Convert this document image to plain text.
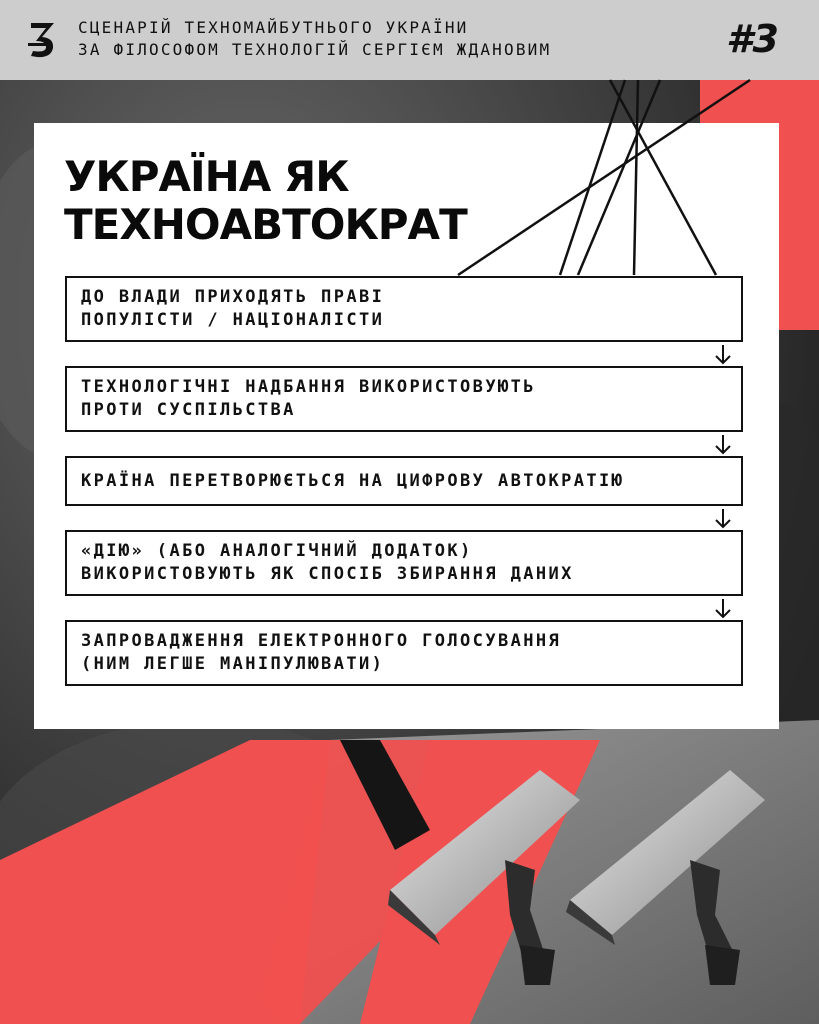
СЦЕНАРІЙ ТЕХНОМАЙБУТНЬОГО УКРАЇНИ
ЗА ФІЛОСОФОМ ТЕХНОЛОГІЙ СЕРГІЄМ ЖДАНОВИМ	#3
УКРАЇНА ЯК
ТЕХНОАВТОКРАТ
ДО ВЛАДИ ПРИХОДЯТЬ ПРАВІ
ПОПУЛІСТИ / НАЦІОНАЛІСТИ
ТЕХНОЛОГІЧНІ НАДБАННЯ ВИКОРИСТОВУЮТЬ
ПРОТИ СУСПІЛЬСТВА
КРАЇНА ПЕРЕТВОРЮЄТЬСЯ НА ЦИФРОВУ АВТОКРАТІЮ
«ДІЮ» (АБО АНАЛОГІЧНИЙ ДОДАТОК)
ВИКОРИСТОВУЮТЬ ЯК СПОСІБ ЗБИРАННЯ ДАНИХ
ЗАПРОВАДЖЕННЯ ЕЛЕКТРОННОГО ГОЛОСУВАННЯ
(НИМ ЛЕГШЕ МАНІПУЛЮВАТИ)
